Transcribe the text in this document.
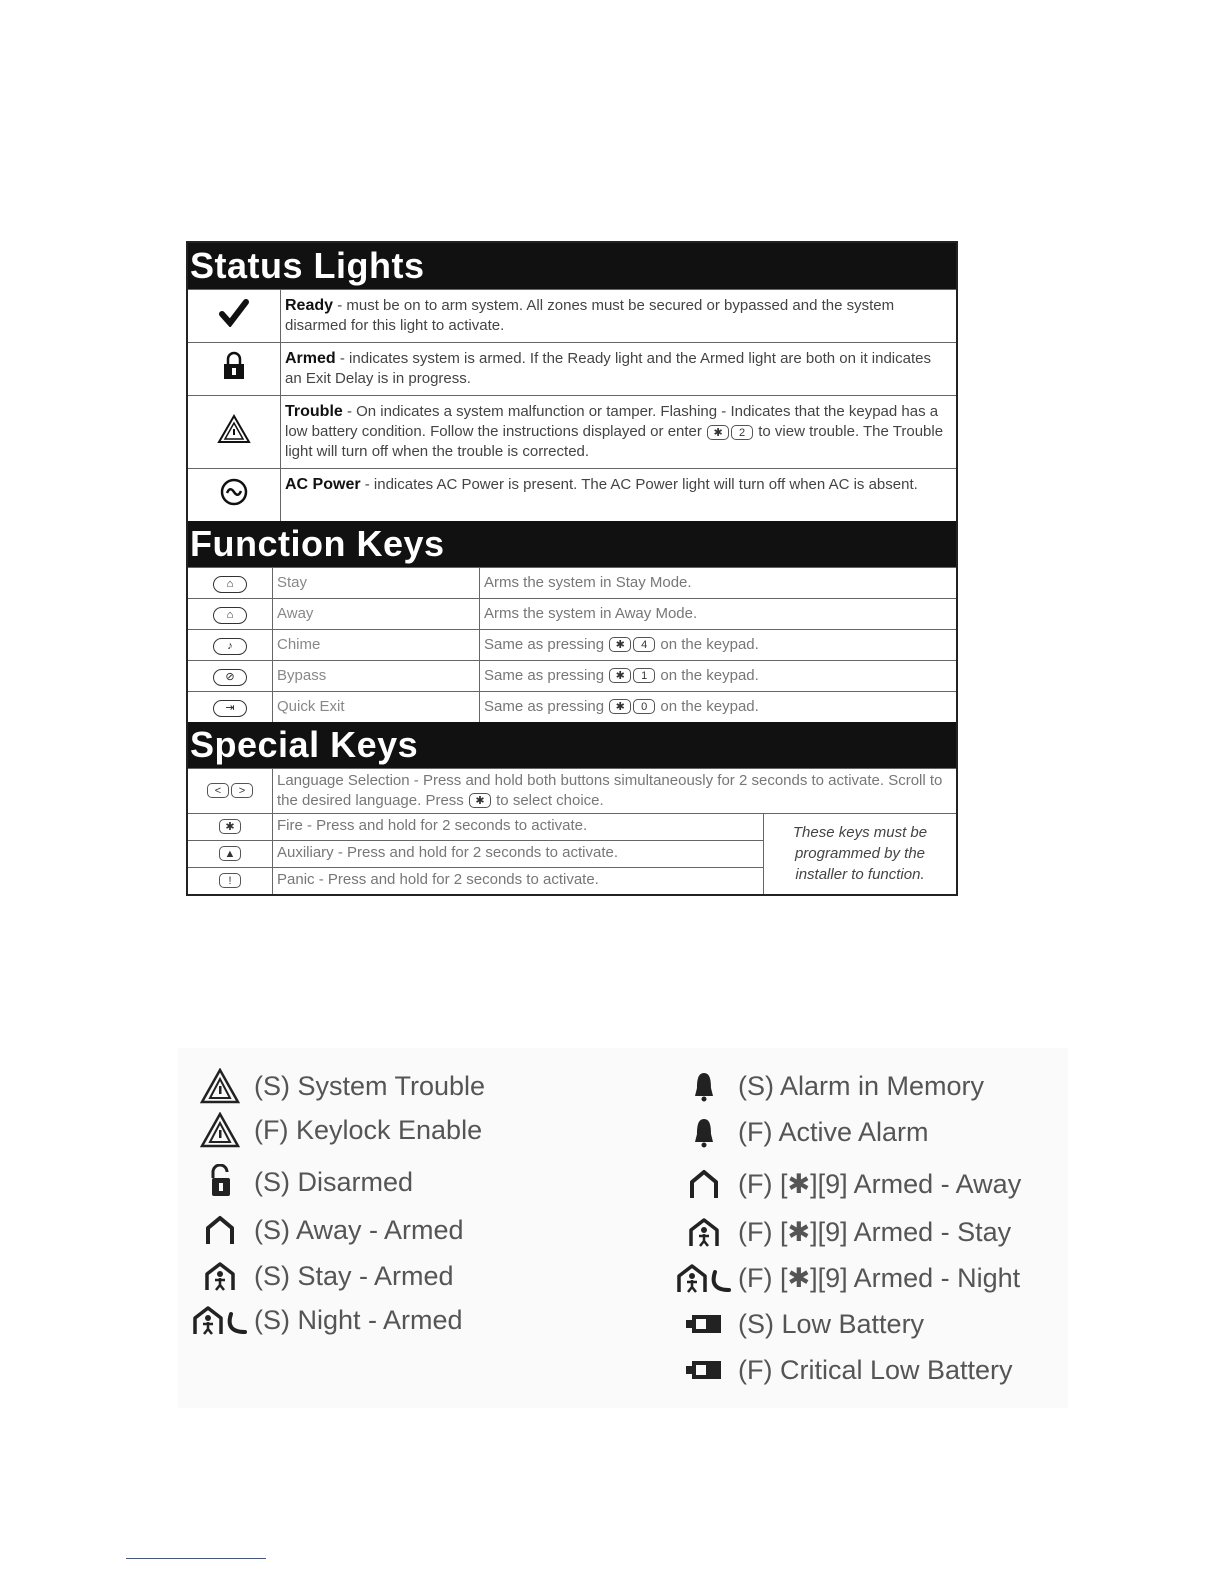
Status Lights
	Ready - must be on to arm system. All zones must be secured or bypassed and the system disarmed for this light to activate.
	Armed - indicates system is armed. If the Ready light and the Armed light are both on it indicates an Exit Delay is in progress.
	Trouble - On indicates a system malfunction or tamper. Flashing - Indicates that the keypad has a low battery condition. Follow the instructions displayed or enter ✱ 2 to view trouble. The Trouble light will turn off when the trouble is corrected.
	AC Power - indicates AC Power is present. The AC Power light will turn off when AC is absent.
Function Keys
⌂	Stay	Arms the system in Stay Mode.
⌂	Away	Arms the system in Away Mode.
♪	Chime	Same as pressing ✱ 4 on the keypad.
⊘	Bypass	Same as pressing ✱ 1 on the keypad.
⇥	Quick Exit	Same as pressing ✱ 0 on the keypad.
Special Keys
< >	Language Selection - Press and hold both buttons simultaneously for 2 seconds to activate. Scroll to the desired language. Press ✱ to select choice.	
✱	Fire - Press and hold for 2 seconds to activate.	These keys must be programmed by the installer to function.
▲	Auxiliary - Press and hold for 2 seconds to activate.	
!	Panic - Press and hold for 2 seconds to activate.	
(S) System Trouble
(F) Keylock Enable
(S) Disarmed
(S) Away - Armed
(S) Stay - Armed
(S) Night - Armed
(S) Alarm in Memory
(F) Active Alarm
(F) [✱][9] Armed - Away
(F) [✱][9] Armed - Stay
(F) [✱][9] Armed - Night
(S) Low Battery
(F) Critical Low Battery
